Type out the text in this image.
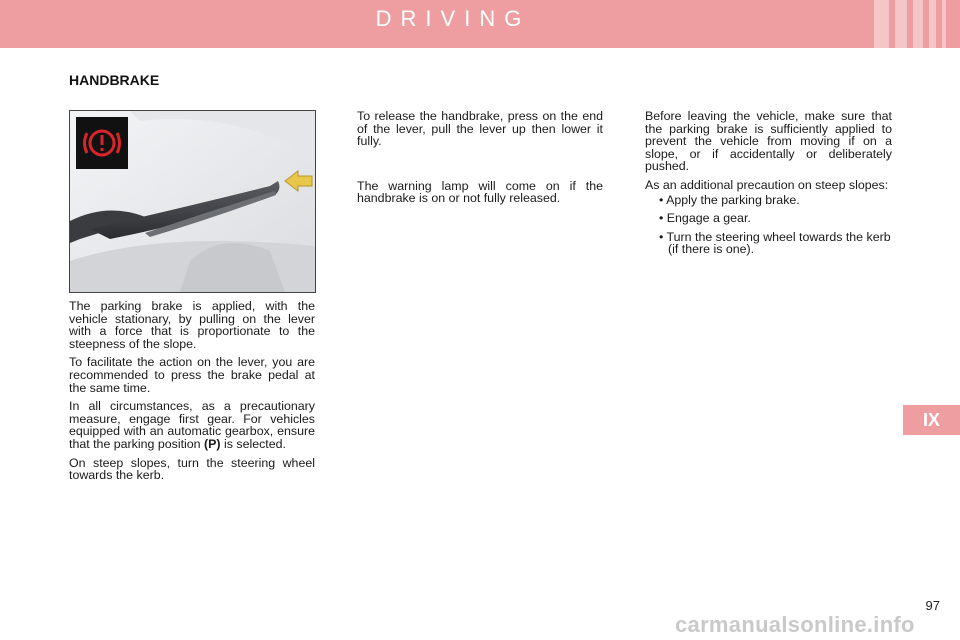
DRIVING
HANDBRAKE

The parking brake is applied, with the vehicle stationary, by pulling on the lever with a force that is proportionate to the steepness of the slope.

To facilitate the action on the lever, you are recommended to press the brake pedal at the same time.

In all circumstances, as a precautionary measure, engage first gear. For vehicles equipped with an automatic gearbox, ensure that the parking position (P) is selected.

On steep slopes, turn the steering wheel towards the kerb.

To release the handbrake, press on the end of the lever, pull the lever up then lower it fully.

The warning lamp will come on if the handbrake is on or not fully released.

Before leaving the vehicle, make sure that the parking brake is sufficiently applied to prevent the vehicle from moving if on a slope, or if accidentally or deliberately pushed.

As an additional precaution on steep slopes:

• Apply the parking brake.
• Engage a gear.
• Turn the steering wheel towards the kerb (if there is one).
IX
97
carmanualsonline.info
